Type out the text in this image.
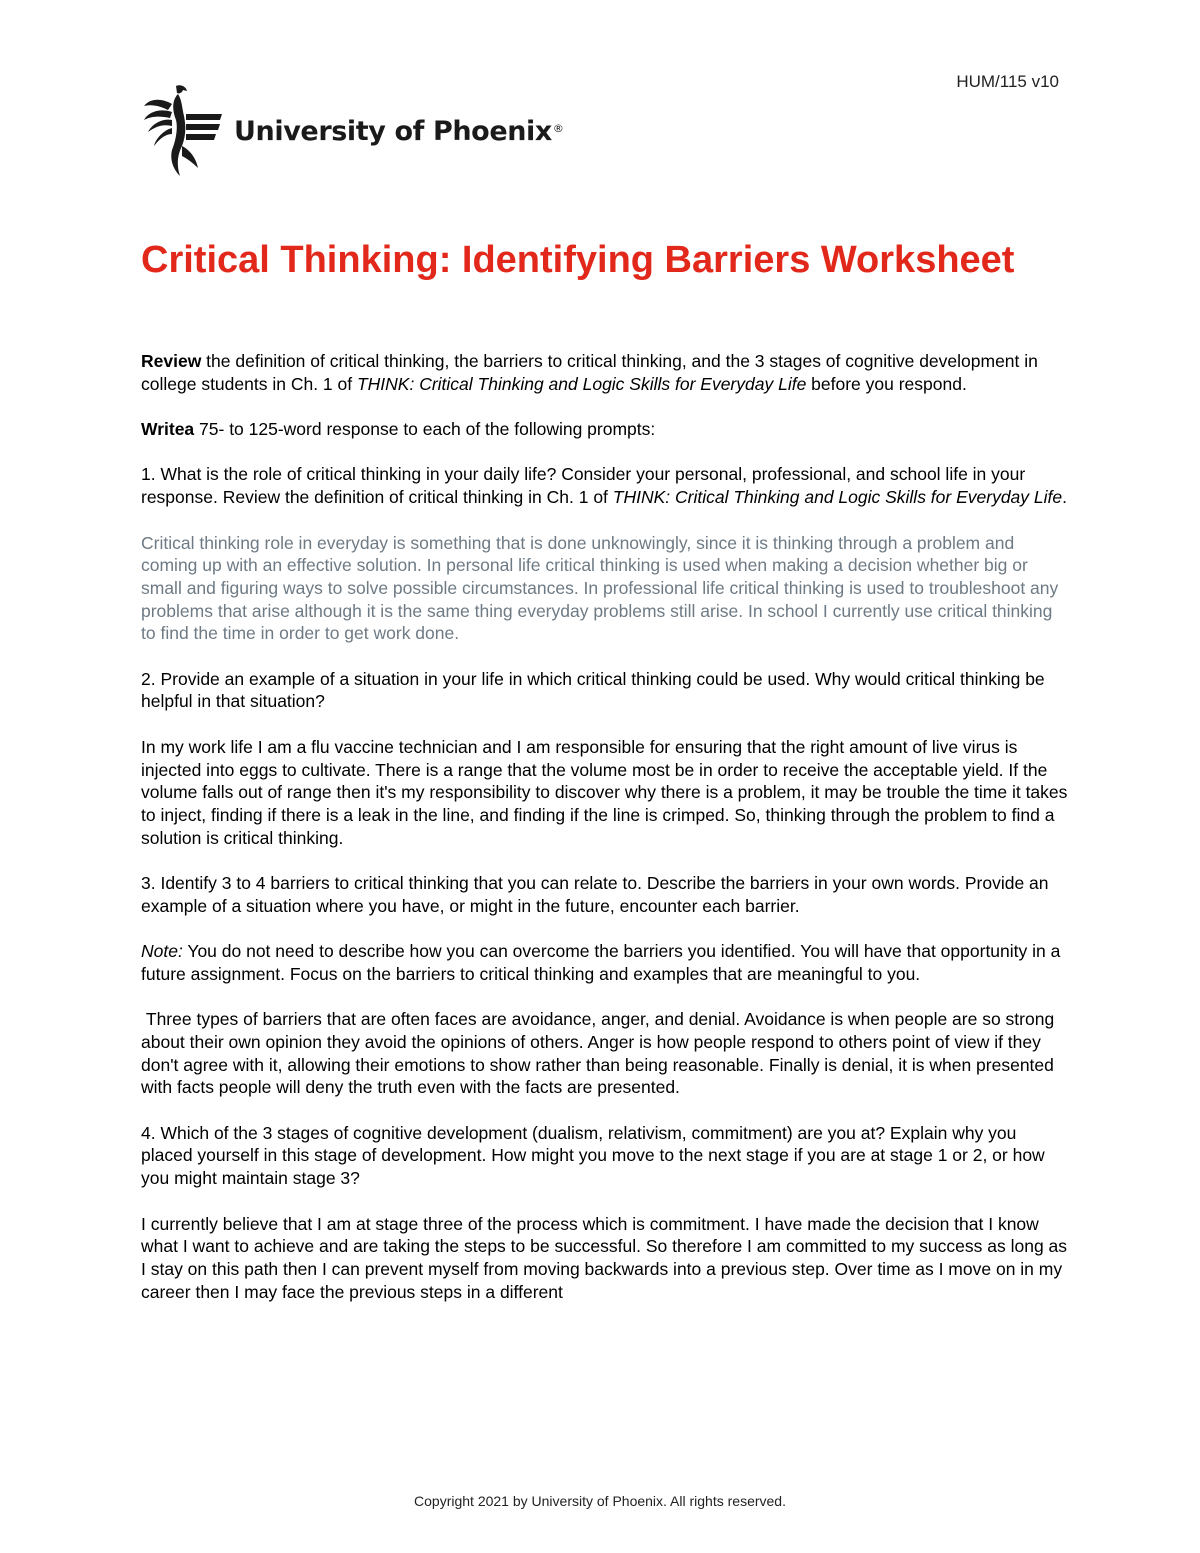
HUM/115 v10
University of Phoenix®
Critical Thinking: Identifying Barriers Worksheet

Review the definition of critical thinking, the barriers to critical thinking, and the 3 stages of cognitive development in college students in Ch. 1 of THINK: Critical Thinking and Logic Skills for Everyday Life before you respond.

Writea 75- to 125-word response to each of the following prompts:

1. What is the role of critical thinking in your daily life? Consider your personal, professional, and school life in your response. Review the definition of critical thinking in Ch. 1 of THINK: Critical Thinking and Logic Skills for Everyday Life.

Critical thinking role in everyday is something that is done unknowingly, since it is thinking through a problem and coming up with an effective solution. In personal life critical thinking is used when making a decision whether big or small and figuring ways to solve possible circumstances. In professional life critical thinking is used to troubleshoot any problems that arise although it is the same thing everyday problems still arise. In school I currently use critical thinking to find the time in order to get work done.

2. Provide an example of a situation in your life in which critical thinking could be used. Why would critical thinking be helpful in that situation?

In my work life I am a flu vaccine technician and I am responsible for ensuring that the right amount of live virus is injected into eggs to cultivate. There is a range that the volume most be in order to receive the acceptable yield. If the volume falls out of range then it's my responsibility to discover why there is a problem, it may be trouble the time it takes to inject, finding if there is a leak in the line, and finding if the line is crimped. So, thinking through the problem to find a solution is critical thinking.

3. Identify 3 to 4 barriers to critical thinking that you can relate to. Describe the barriers in your own words. Provide an example of a situation where you have, or might in the future, encounter each barrier.

Note: You do not need to describe how you can overcome the barriers you identified. You will have that opportunity in a future assignment. Focus on the barriers to critical thinking and examples that are meaningful to you.

Three types of barriers that are often faces are avoidance, anger, and denial. Avoidance is when people are so strong about their own opinion they avoid the opinions of others. Anger is how people respond to others point of view if they don't agree with it, allowing their emotions to show rather than being reasonable. Finally is denial, it is when presented with facts people will deny the truth even with the facts are presented.

4. Which of the 3 stages of cognitive development (dualism, relativism, commitment) are you at? Explain why you placed yourself in this stage of development. How might you move to the next stage if you are at stage 1 or 2, or how you might maintain stage 3?

I currently believe that I am at stage three of the process which is commitment. I have made the decision that I know what I want to achieve and are taking the steps to be successful. So therefore I am committed to my success as long as I stay on this path then I can prevent myself from moving backwards into a previous step. Over time as I move on in my career then I may face the previous steps in a different

Copyright 2021 by University of Phoenix. All rights reserved.
